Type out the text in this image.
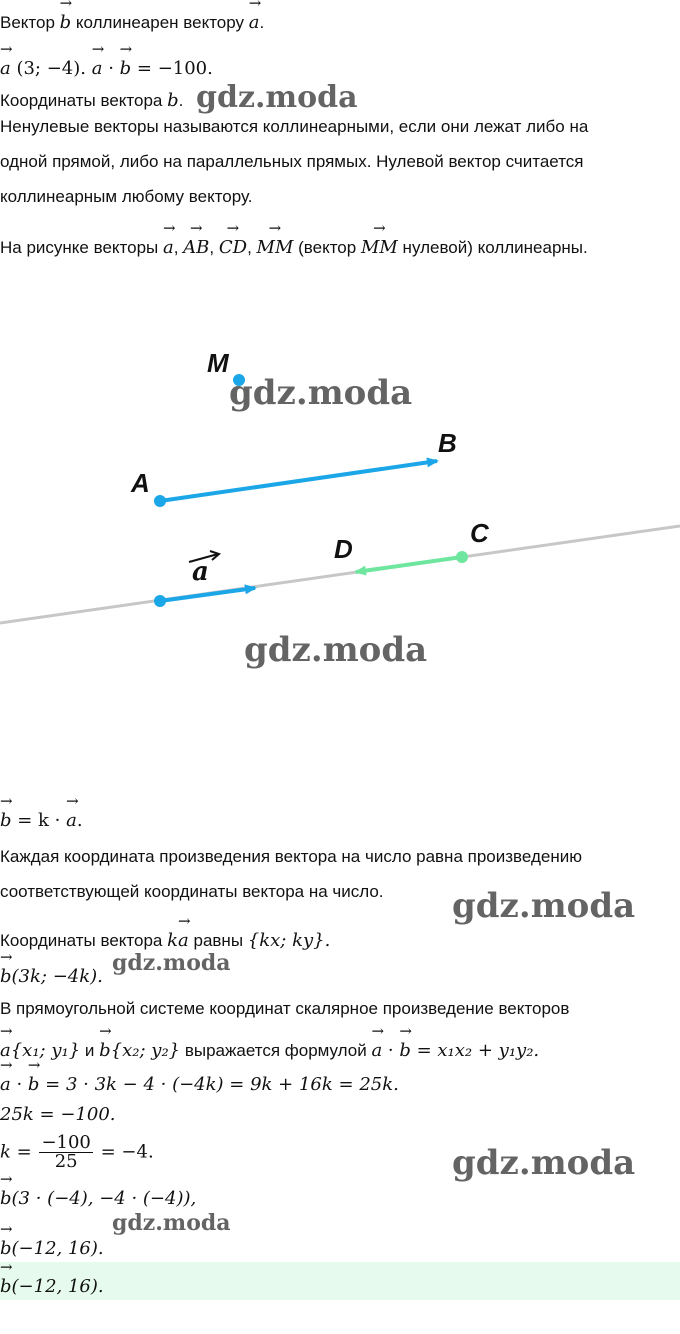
Вектор → b коллинеарен вектору → a.
→ a (3; −4). → a · → b = −100.
Координаты вектора b.
Ненулевые векторы называются коллинеарными, если они лежат либо на
одной прямой, либо на параллельных прямых. Нулевой вектор считается
коллинеарным любому вектору.
На рисунке векторы → a, → AB, → CD, → MM (вектор → MM нулевой) коллинеарны.
M
A
B
C
D
a
→ b = k · → a.
Каждая координата произведения вектора на число равна произведению
соответствующей координаты вектора на число.
Координаты вектора k→ a равны {kx; ky}.
→ b(3k; −4k).
В прямоугольной системе координат скалярное произведение векторов
→ a{x₁; y₁} и → b{x₂; y₂} выражается формулой → a · → b = x₁x₂ + y₁y₂.
→ a · → b = 3 · 3k − 4 · (−4k) = 9k + 16k = 25k.
25k = −100.
$k = \frac{-100}{25} = -4$.
→ b(3 · (−4), −4 · (−4)),
→ b(−12, 16).
→ b(−12, 16).
gdz.moda
gdz.moda
gdz.moda
gdz.moda
gdz.moda
gdz.moda
gdz.moda
